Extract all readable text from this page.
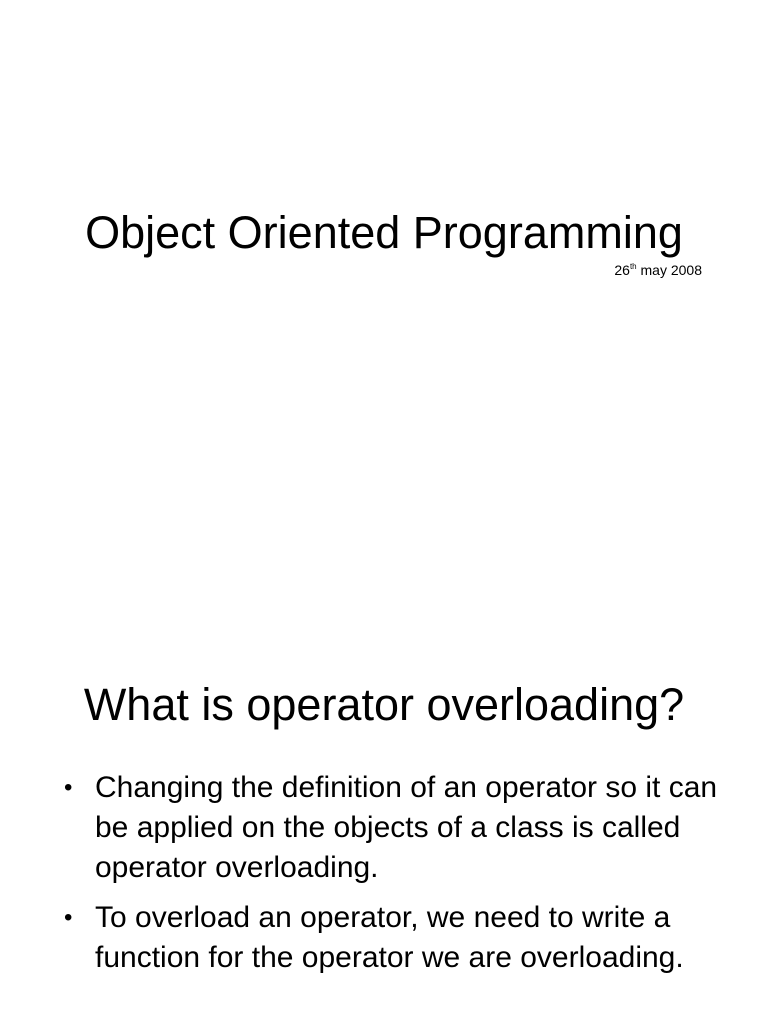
Object Oriented Programming
26th may 2008
What is operator overloading?
• Changing the definition of an operator so it can be applied on the objects of a class is called operator overloading.
• To overload an operator, we need to write a function for the operator we are overloading.
